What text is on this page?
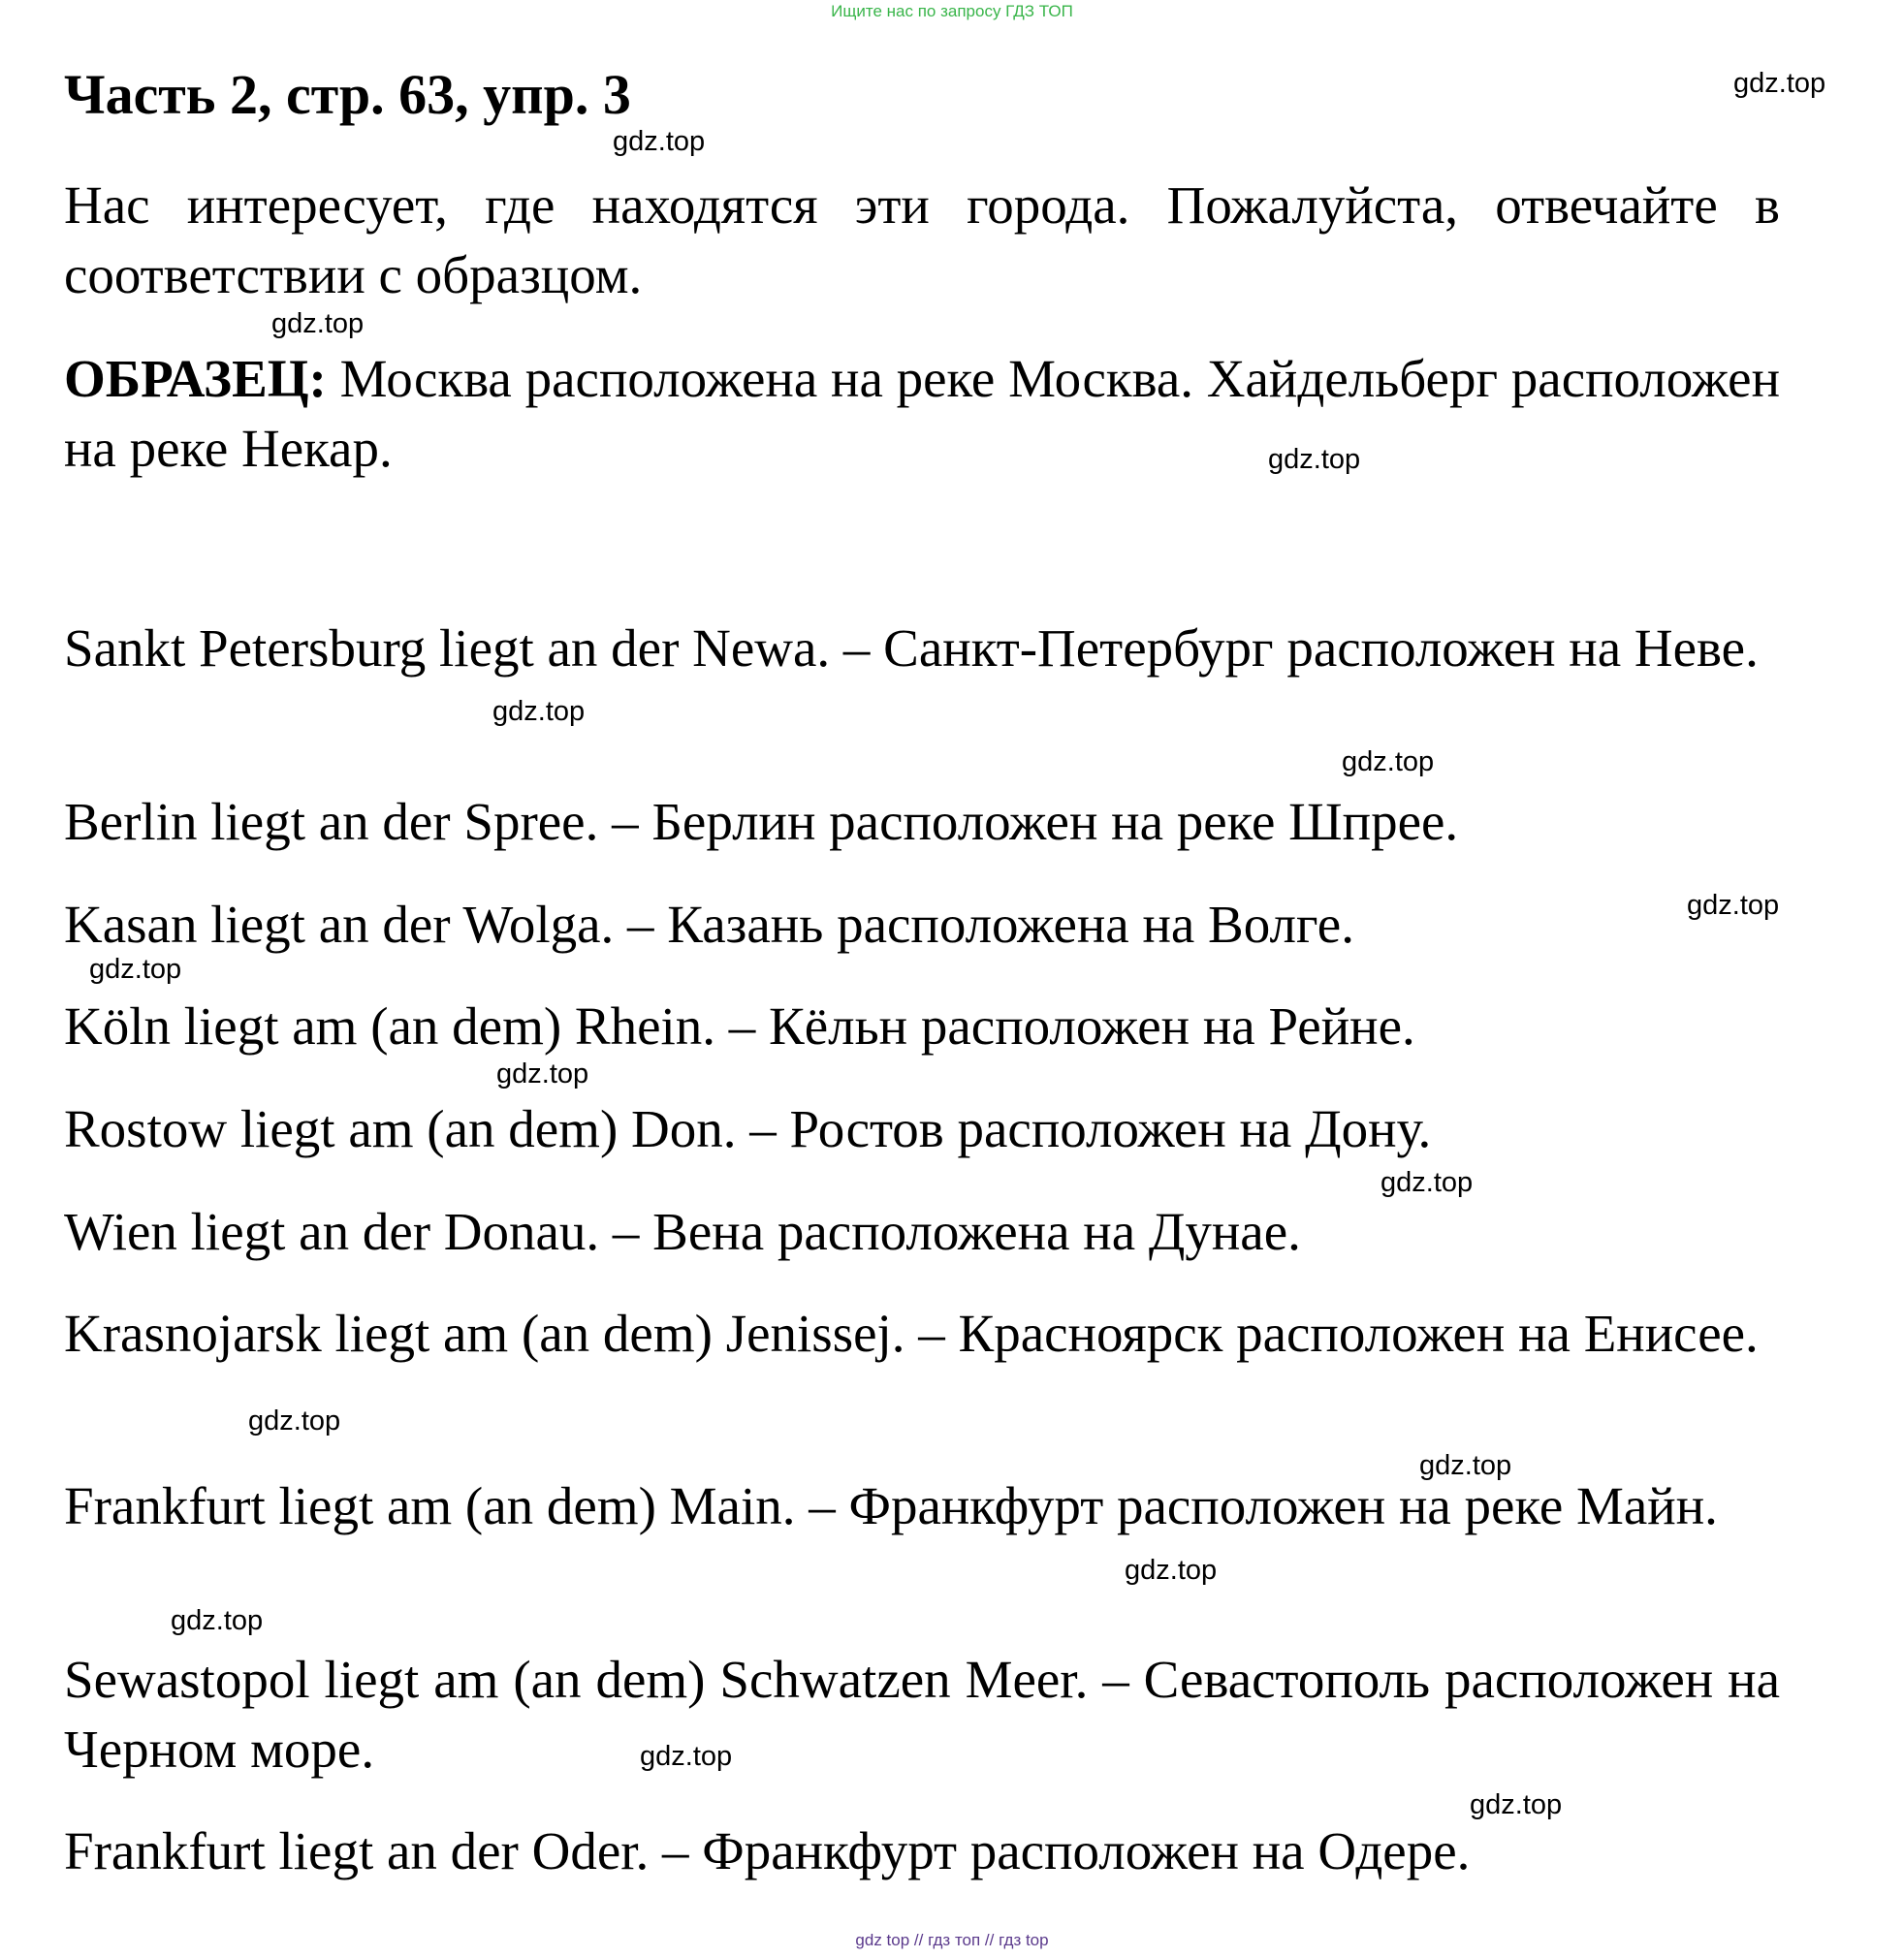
Ищите нас по запросу ГДЗ ТОП
Часть 2, стр. 63, упр. 3
Нас интересует, где находятся эти города. Пожалуйста, отвечайте в соответствии с образцом.
ОБРАЗЕЦ: Москва расположена на реке Москва. Хайдельберг расположен на реке Некар.
Sankt Petersburg liegt an der Newa. – Санкт-Петербург расположен на Неве.
Berlin liegt an der Spree. – Берлин расположен на реке Шпрее.
Kasan liegt an der Wolga. – Казань расположена на Волге.
Köln liegt am (an dem) Rhein. – Кёльн расположен на Рейне.
Rostow liegt am (an dem) Don. – Ростов расположен на Дону.
Wien liegt an der Donau. – Вена расположена на Дунае.
Krasnojarsk liegt am (an dem) Jenissej. – Красноярск расположен на Енисее.
Frankfurt liegt am (an dem) Main. – Франкфурт расположен на реке Майн.
Sewastopol liegt am (an dem) Schwatzen Meer. – Севастополь расположен на Черном море.
Frankfurt liegt an der Oder. – Франкфурт расположен на Одере.
gdz.top
gdz.top
gdz.top
gdz.top
gdz.top
gdz.top
gdz.top
gdz.top
gdz.top
gdz.top
gdz.top
gdz.top
gdz.top
gdz.top
gdz.top
gdz.top
gdz top // гдз топ // гдз top
